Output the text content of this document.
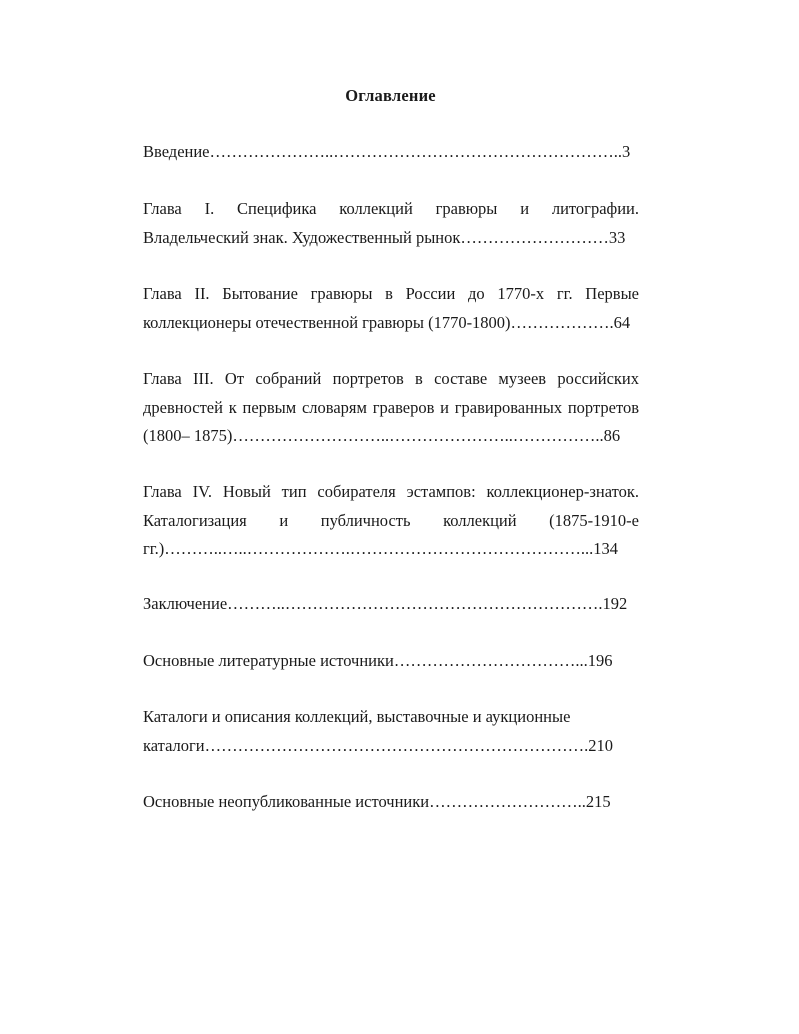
Оглавление
Введение…………………..……………………………………………..3
Глава I. Специфика коллекций гравюры и литографии.
Владельческий знак. Художественный рынок………………………33
Глава II. Бытование гравюры в России до 1770-х гг. Первые
коллекционеры отечественной гравюры (1770-1800)……………….64
Глава III. От собраний портретов в составе музеев российских
древностей к первым словарям граверов и гравированных портретов
(1800– 1875)………………………..…………………..……………..86
Глава IV. Новый тип собирателя эстампов: коллекционер-знаток.
Каталогизация и публичность коллекций (1875-1910-е
гг.)………..…..……………….……………………………………...134
Заключение………..………………………………………………….192
Основные литературные источники……………………………...196
Каталоги и описания коллекций, выставочные и аукционные
каталоги…………………………………………………………….210
Основные неопубликованные источники………………………..215
